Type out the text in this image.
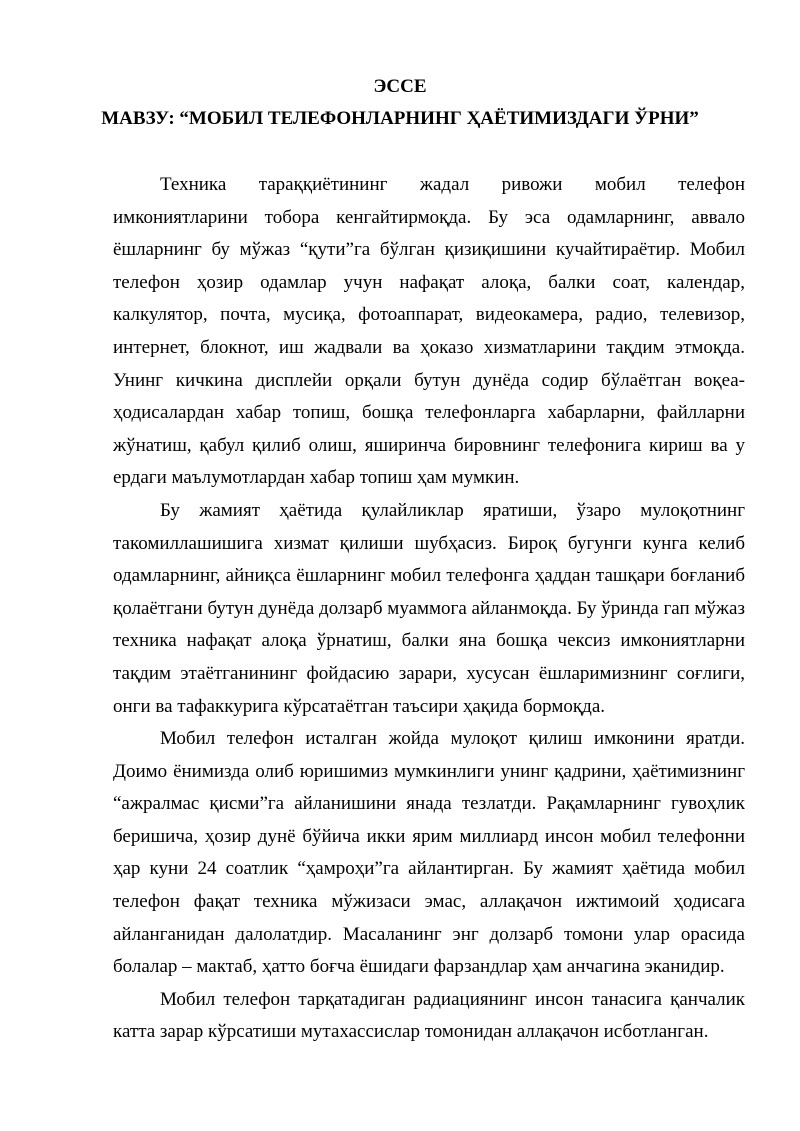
ЭССЕ
МАВЗУ: “МОБИЛ ТЕЛЕФОНЛАРНИНГ ҲАЁТИМИЗДАГИ ЎРНИ”

Техника тараққиётининг жадал ривожи мобил телефон имкониятларини тобора кенгайтирмоқда. Бу эса одамларнинг, аввало ёшларнинг бу мўжаз “қути”га бўлган қизиқишини кучайтираётир. Мобил телефон ҳозир одамлар учун нафақат алоқа, балки соат, календар, калкулятор, почта, мусиқа, фотоаппарат, видеокамера, радио, телевизор, интернет, блокнот, иш жадвали ва ҳоказо хизматларини тақдим этмоқда. Унинг кичкина дисплейи орқали бутун дунёда содир бўлаётган воқеа-ҳодисалардан хабар топиш, бошқа телефонларга хабарларни, файлларни жўнатиш, қабул қилиб олиш, яширинча бировнинг телефонига кириш ва у ердаги маълумотлардан хабар топиш ҳам мумкин.

Бу жамият ҳаётида қулайликлар яратиши, ўзаро мулоқотнинг такомиллашишига хизмат қилиши шубҳасиз. Бироқ бугунги кунга келиб одамларнинг, айниқса ёшларнинг мобил телефонга ҳаддан ташқари боғланиб қолаётгани бутун дунёда долзарб муаммога айланмоқда. Бу ўринда гап мўжаз техника нафақат алоқа ўрнатиш, балки яна бошқа чексиз имкониятларни тақдим этаётганининг фойдасию зарари, хусусан ёшларимизнинг соғлиги, онги ва тафаккурига кўрсатаётган таъсири ҳақида бормоқда.

Мобил телефон исталган жойда мулоқот қилиш имконини яратди. Доимо ёнимизда олиб юришимиз мумкинлиги унинг қадрини, ҳаётимизнинг “ажралмас қисми”га айланишини янада тезлатди. Рақамларнинг гувоҳлик беришича, ҳозир дунё бўйича икки ярим миллиард инсон мобил телефонни ҳар куни 24 соатлик “ҳамроҳи”га айлантирган. Бу жамият ҳаётида мобил телефон фақат техника мўжизаси эмас, аллақачон ижтимоий ҳодисага айланганидан далолатдир. Масаланинг энг долзарб томони улар орасида болалар – мактаб, ҳатто боғча ёшидаги фарзандлар ҳам анчагина эканидир.

Мобил телефон тарқатадиган радиациянинг инсон танасига қанчалик катта зарар кўрсатиши мутахассислар томонидан аллақачон исботланган.
